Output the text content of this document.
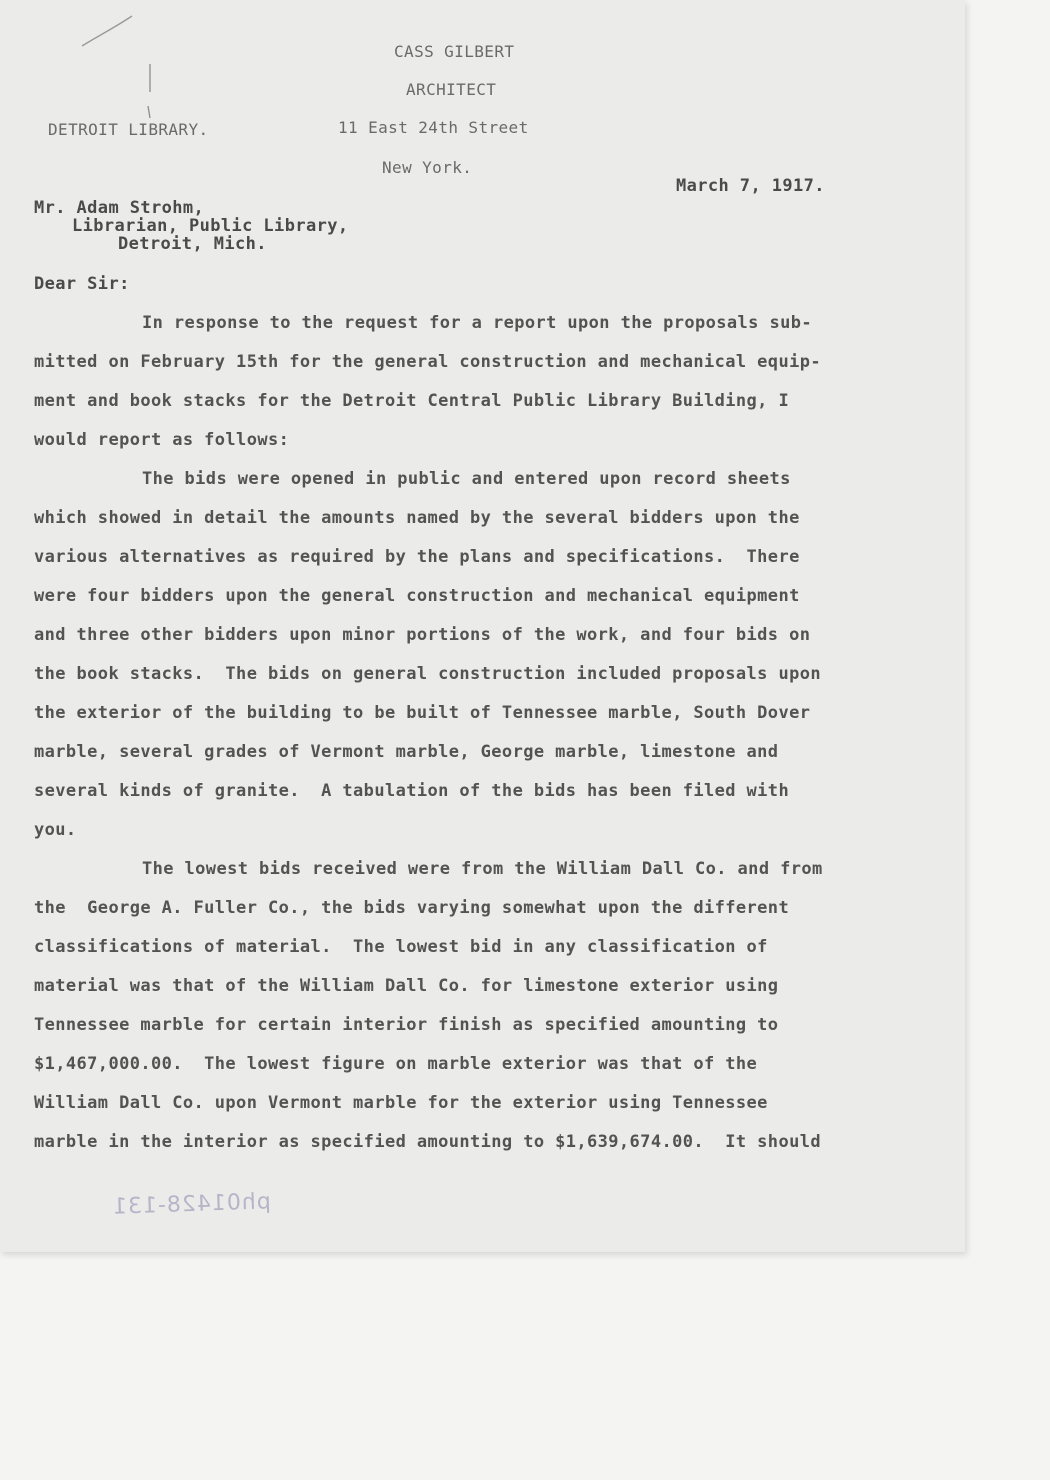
CASS GILBERT
ARCHITECT
DETROIT LIBRARY.	11 East 24th Street
New York.
March 7, 1917.
Mr. Adam Strohm,
Librarian, Public Library,
Detroit, Mich.
Dear Sir:
In response to the request for a report upon the proposals sub-
mitted on February 15th for the general construction and mechanical equip-
ment and book stacks for the Detroit Central Public Library Building, I
would report as follows:
The bids were opened in public and entered upon record sheets
which showed in detail the amounts named by the several bidders upon the
various alternatives as required by the plans and specifications.  There
were four bidders upon the general construction and mechanical equipment
and three other bidders upon minor portions of the work, and four bids on
the book stacks.  The bids on general construction included proposals upon
the exterior of the building to be built of Tennessee marble, South Dover
marble, several grades of Vermont marble, George marble, limestone and
several kinds of granite.  A tabulation of the bids has been filed with
you.
The lowest bids received were from the William Dall Co. and from
the  George A. Fuller Co., the bids varying somewhat upon the different
classifications of material.  The lowest bid in any classification of
material was that of the William Dall Co. for limestone exterior using
Tennessee marble for certain interior finish as specified amounting to
$1,467,000.00.  The lowest figure on marble exterior was that of the
William Dall Co. upon Vermont marble for the exterior using Tennessee
marble in the interior as specified amounting to $1,639,674.00.  It should
ph01428-131
